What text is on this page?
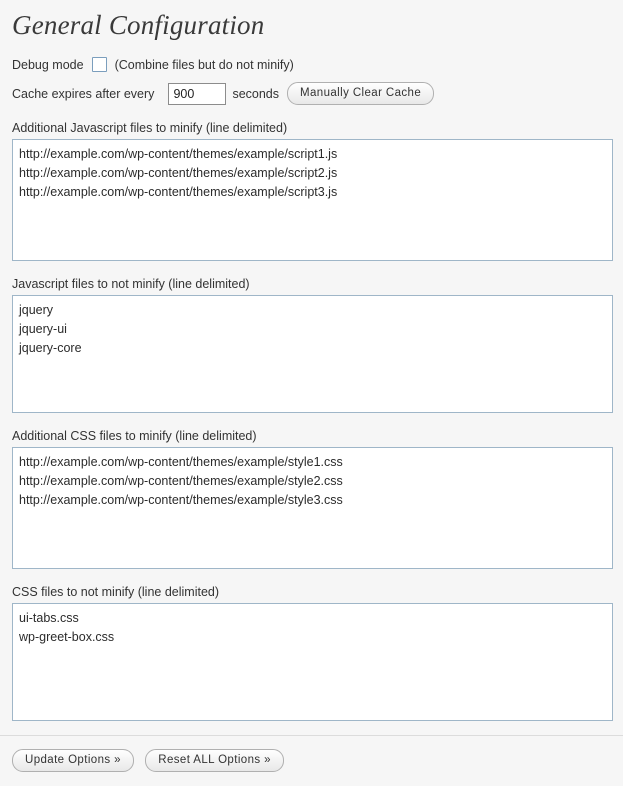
General Configuration
Debug mode (Combine files but do not minify)
Cache expires after every
900	seconds	Manually Clear Cache
Additional Javascript files to minify (line delimited)
http://example.com/wp-content/themes/example/script1.js http://example.com/wp-content/themes/example/script2.js http://example.com/wp-content/themes/example/script3.js
Javascript files to not minify (line delimited)
jquery jquery-ui jquery-core
Additional CSS files to minify (line delimited)
http://example.com/wp-content/themes/example/style1.css http://example.com/wp-content/themes/example/style2.css http://example.com/wp-content/themes/example/style3.css
CSS files to not minify (line delimited)
ui-tabs.css wp-greet-box.css
Update Options »	Reset ALL Options »
